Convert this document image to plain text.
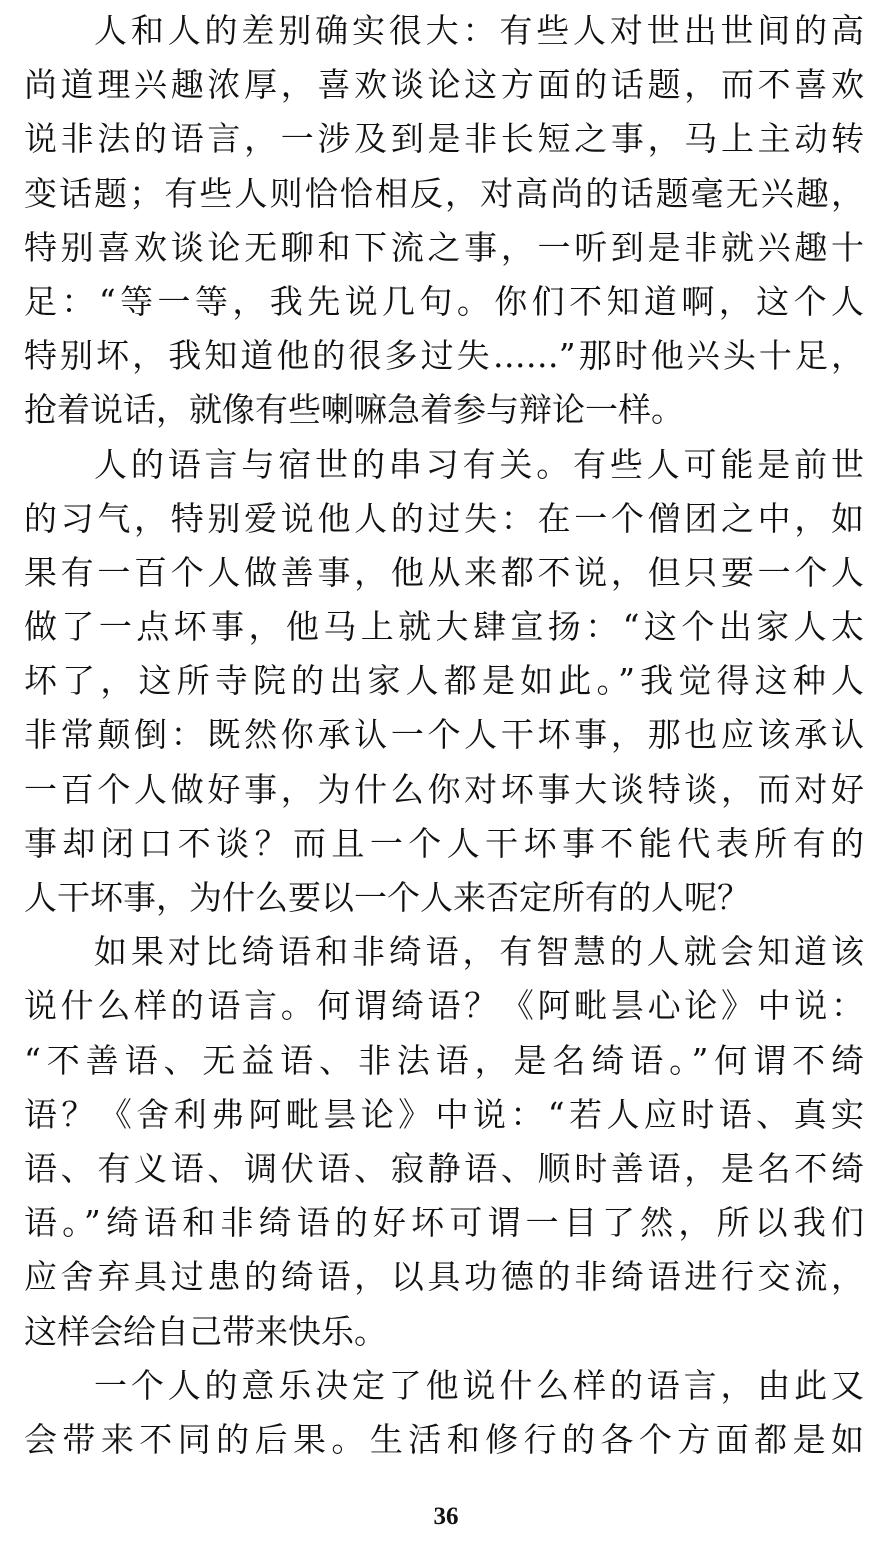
人和人的差别确实很大：有些人对世出世间的高
尚道理兴趣浓厚，喜欢谈论这方面的话题，而不喜欢
说非法的语言，一涉及到是非长短之事，马上主动转
变话题；有些人则恰恰相反，对高尚的话题毫无兴趣，
特别喜欢谈论无聊和下流之事，一听到是非就兴趣十
足：“等一等，我先说几句。你们不知道啊，这个人
特别坏，我知道他的很多过失……”那时他兴头十足，
抢着说话，就像有些喇嘛急着参与辩论一样。
人的语言与宿世的串习有关。有些人可能是前世
的习气，特别爱说他人的过失：在一个僧团之中，如
果有一百个人做善事，他从来都不说，但只要一个人
做了一点坏事，他马上就大肆宣扬：“这个出家人太
坏了，这所寺院的出家人都是如此。”我觉得这种人
非常颠倒：既然你承认一个人干坏事，那也应该承认
一百个人做好事，为什么你对坏事大谈特谈，而对好
事却闭口不谈？而且一个人干坏事不能代表所有的
人干坏事，为什么要以一个人来否定所有的人呢？
如果对比绮语和非绮语，有智慧的人就会知道该
说什么样的语言。何谓绮语？《阿毗昙心论》中说：
“不善语、无益语、非法语，是名绮语。”何谓不绮
语？《舍利弗阿毗昙论》中说：“若人应时语、真实
语、有义语、调伏语、寂静语、顺时善语，是名不绮
语。”绮语和非绮语的好坏可谓一目了然，所以我们
应舍弃具过患的绮语，以具功德的非绮语进行交流，
这样会给自己带来快乐。
一个人的意乐决定了他说什么样的语言，由此又
会带来不同的后果。生活和修行的各个方面都是如
36
